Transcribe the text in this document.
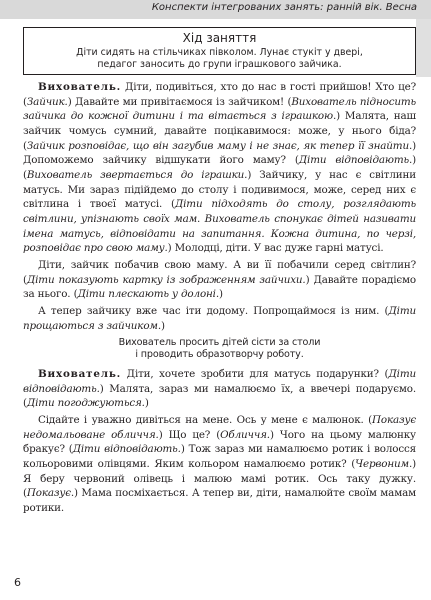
Конспекти інтегрованих занять: ранній вік. Весна
Хід заняття
Діти сидять на стільчиках півколом. Лунає стукіт у двері,
педагог заносить до групи іграшкового зайчика.

Вихователь. Діти, подивіться, хто до нас в гості прийшов! Хто це? (Зайчик.) Давайте ми привітаємося із зайчиком! (Вихователь підносить зайчика до кожної дитини і та вітається з іграшкою.) Малята, наш зайчик чомусь сумний, давайте поцікавимося: може, у нього біда? (Зайчик розповідає, що він загубив маму і не знає, як тепер її знайти.) Допоможемо зайчику відшукати його маму? (Діти відповідають.) (Вихователь звертається до іграшки.) Зайчику, у нас є світлини матусь. Ми зараз підійдемо до столу і подивимося, може, серед них є світлина і твоєї матусі. (Діти підходять до столу, розглядають світлини, упізнають своїх мам. Вихователь спонукає дітей називати імена матусь, відповідати на запитання. Кожна дитина, по черзі, розповідає про свою маму.) Молодці, діти. У вас дуже гарні матусі.

Діти, зайчик побачив свою маму. А ви її побачили серед світлин? (Діти показують картку із зображенням зайчихи.) Давайте порадіємо за нього. (Діти плескають у долоні.)

А тепер зайчику вже час іти додому. Попрощаймося із ним. (Діти прощаються з зайчиком.)

Вихователь просить дітей сісти за столи
і проводить образотворчу роботу.

Вихователь. Діти, хочете зробити для матусь подарунки? (Діти відповідають.) Малята, зараз ми намалюємо їх, а ввечері подаруємо. (Діти погоджуються.)

Сідайте і уважно дивіться на мене. Ось у мене є малюнок. (Показує недомальоване обличчя.) Що це? (Обличчя.) Чого на цьому малюнку бракує? (Діти відповідають.) Тож зараз ми намалюємо ротик і волосся кольоровими олівцями. Яким кольором намалюємо ротик? (Червоним.) Я беру червоний олівець і малюю мамі ротик. Ось таку дужку. (Показує.) Мама посміхається. А тепер ви, діти, намалюйте своїм мамам ротики.

6
